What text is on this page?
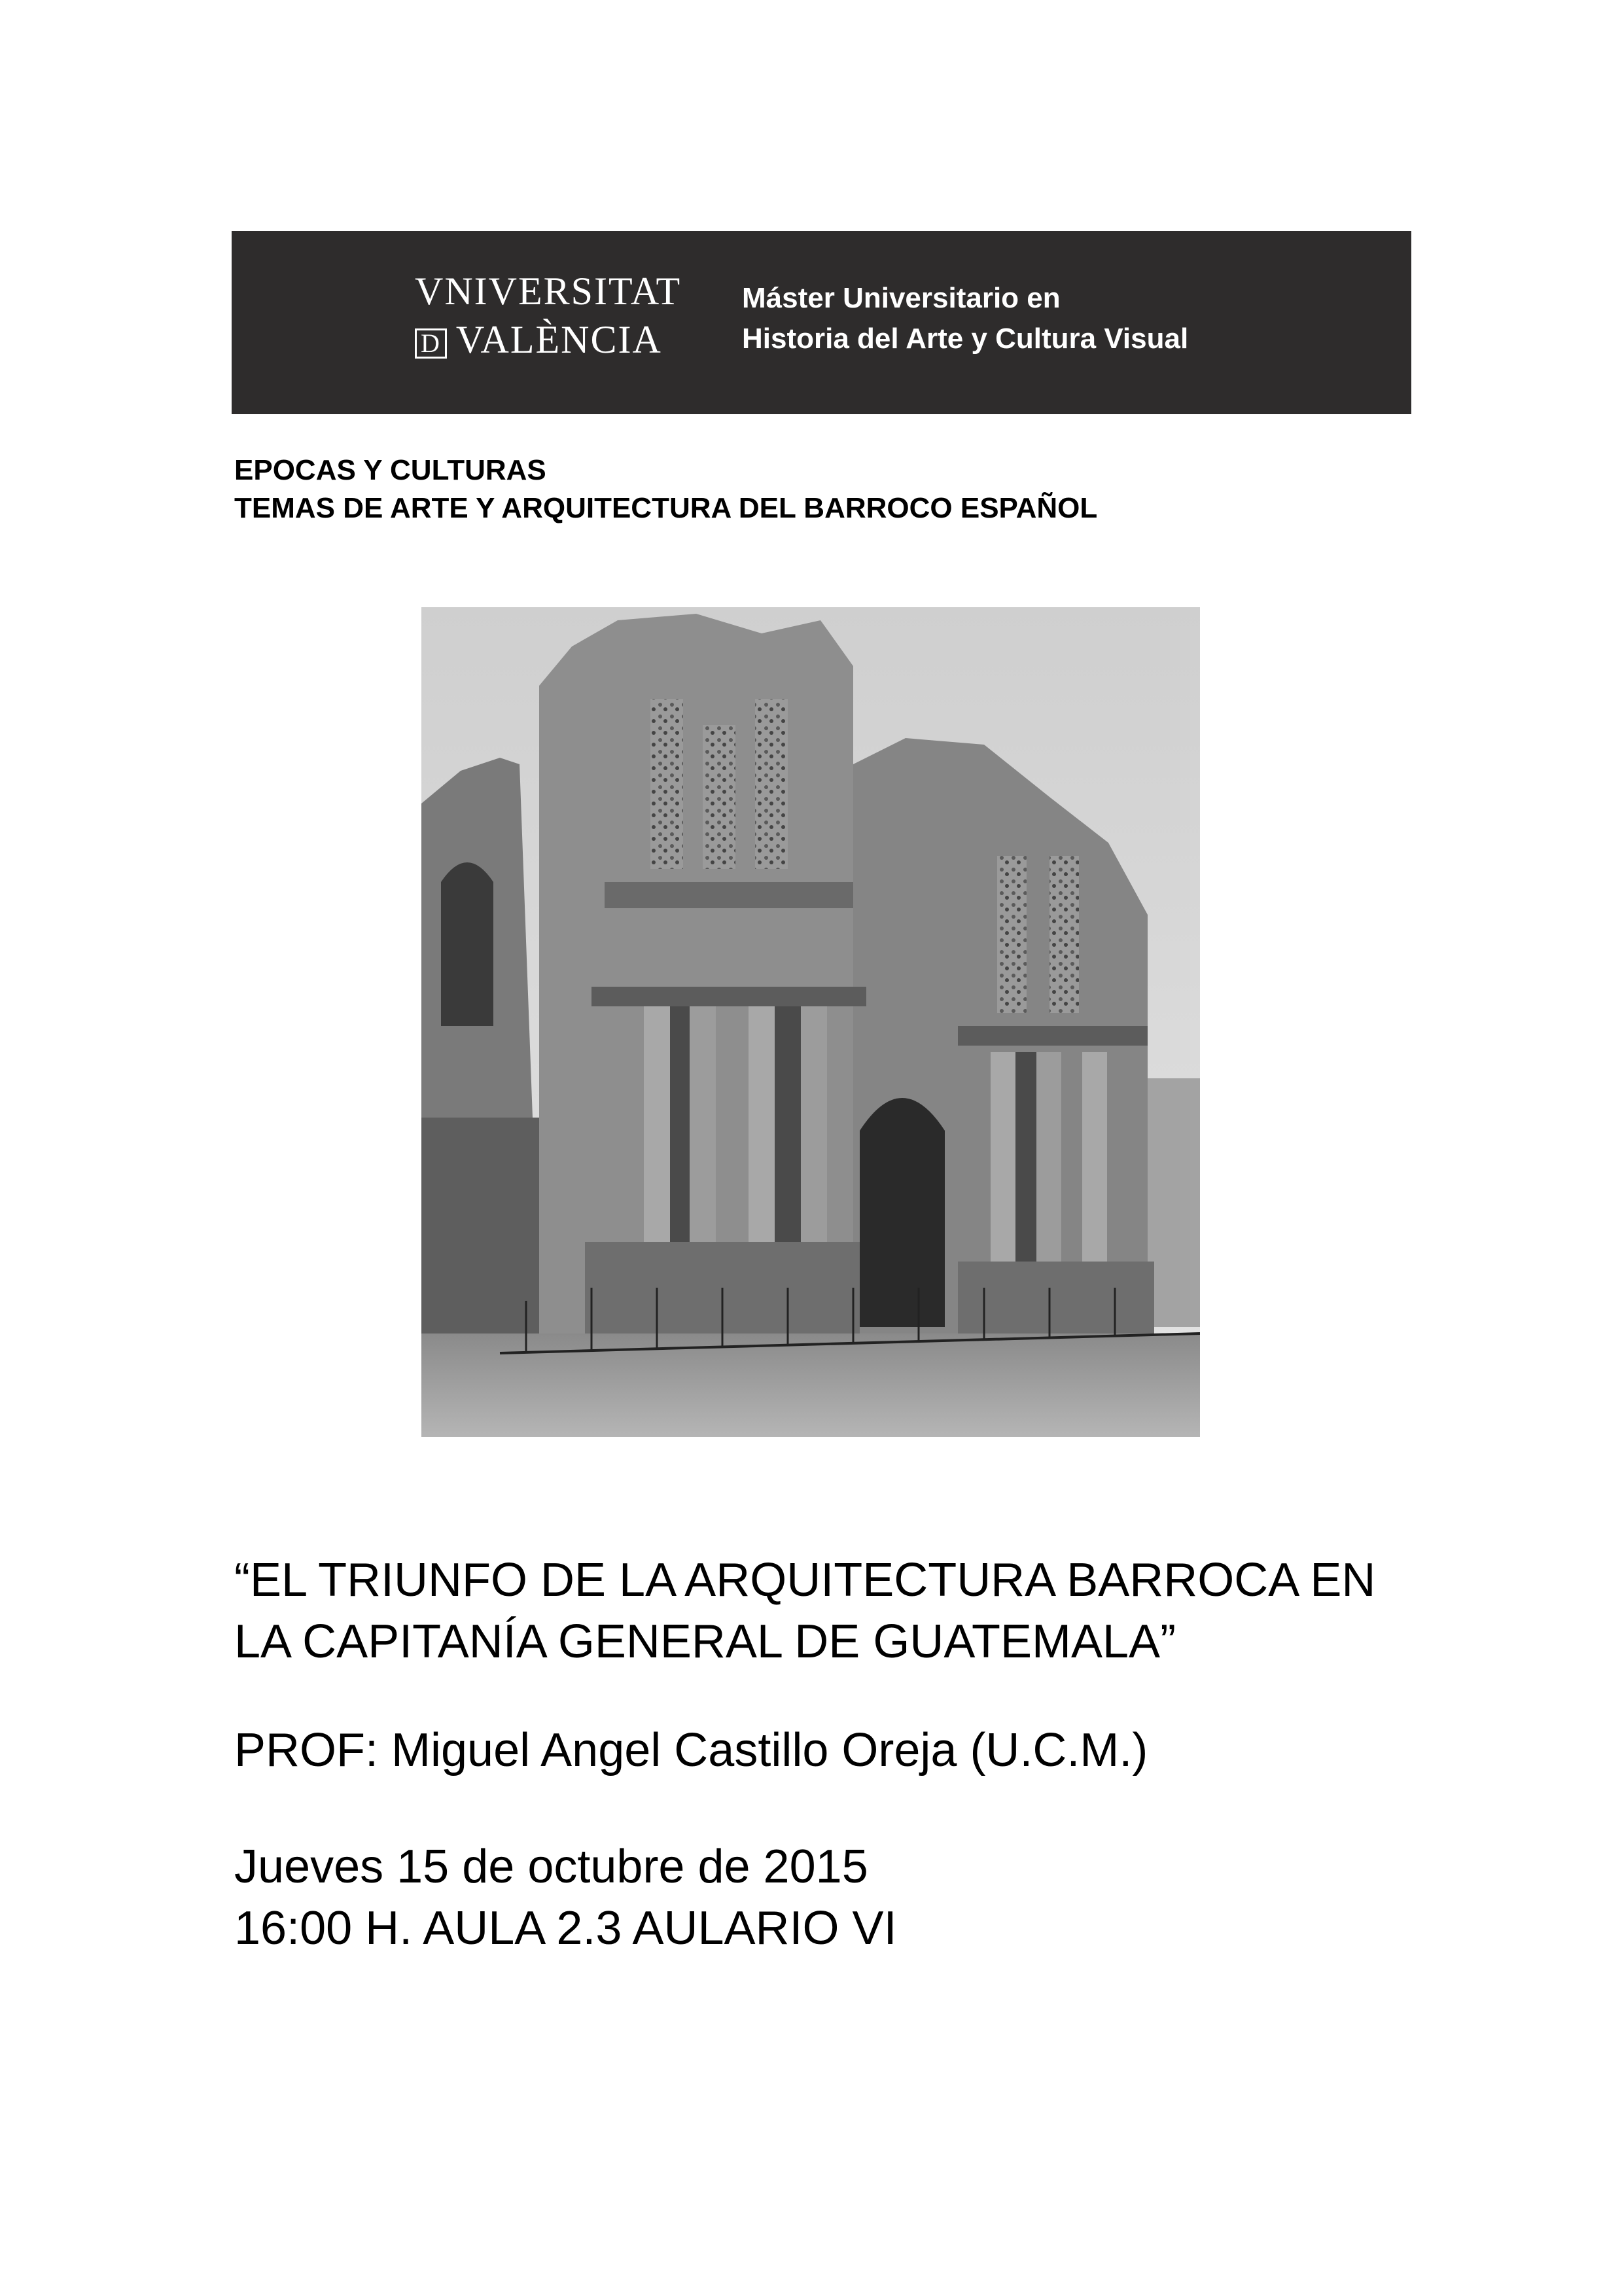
VNIVERSITAT
D VALÈNCIA
Máster Universitario en
Historia del Arte y Cultura Visual
EPOCAS Y CULTURAS
TEMAS DE ARTE Y ARQUITECTURA DEL BARROCO ESPAÑOL
“EL TRIUNFO DE LA ARQUITECTURA BARROCA EN
LA CAPITANÍA GENERAL DE GUATEMALA”
PROF: Miguel Angel Castillo Oreja (U.C.M.)
Jueves 15 de octubre de 2015
16:00 H. AULA 2.3 AULARIO VI
